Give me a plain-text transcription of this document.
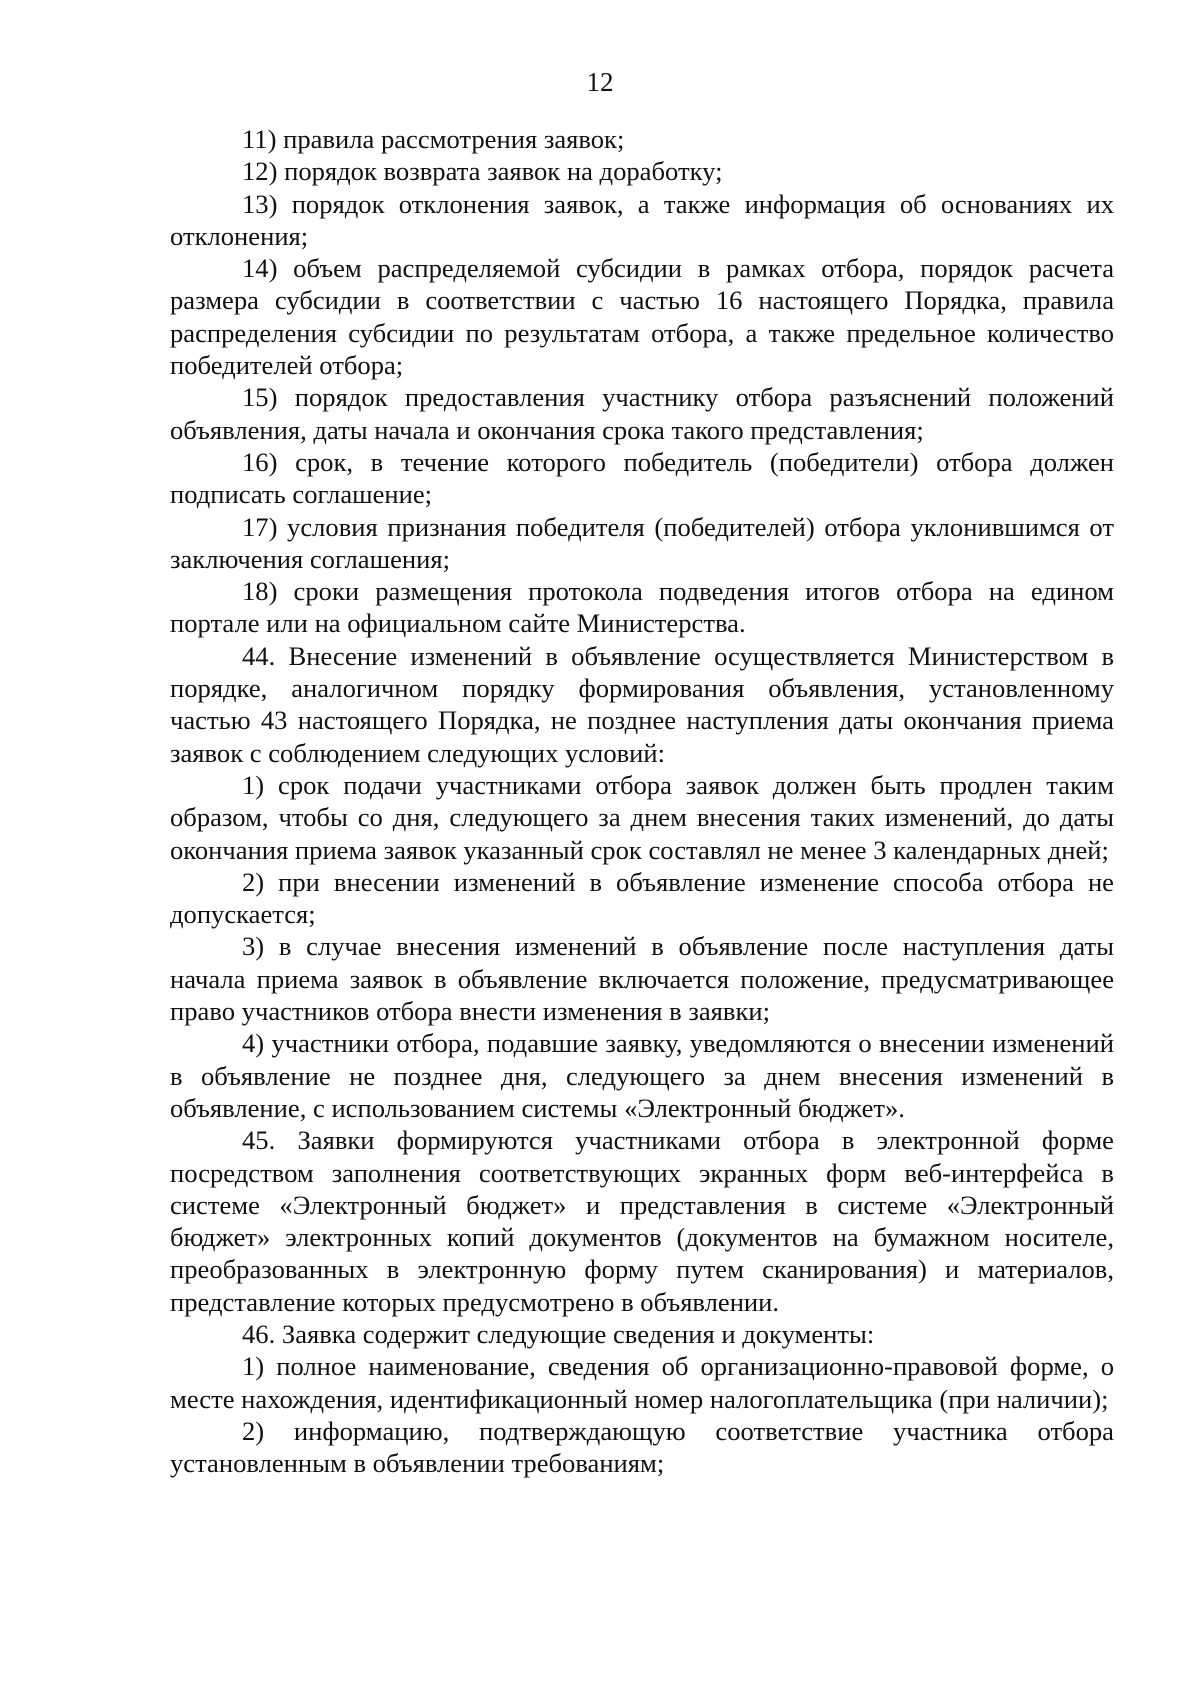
12

11) правила рассмотрения заявок;

12) порядок возврата заявок на доработку;

13) порядок отклонения заявок, а также информация об основаниях их отклонения;

14) объем распределяемой субсидии в рамках отбора, порядок расчета размера субсидии в соответствии с частью 16 настоящего Порядка, правила распределения субсидии по результатам отбора, а также предельное количество победителей отбора;

15) порядок предоставления участнику отбора разъяснений положений объявления, даты начала и окончания срока такого представления;

16) срок, в течение которого победитель (победители) отбора должен подписать соглашение;

17) условия признания победителя (победителей) отбора уклонившимся от заключения соглашения;

18) сроки размещения протокола подведения итогов отбора на едином портале или на официальном сайте Министерства.

44. Внесение изменений в объявление осуществляется Министерством в порядке, аналогичном порядку формирования объявления, установленному частью 43 настоящего Порядка, не позднее наступления даты окончания приема заявок с соблюдением следующих условий:

1) срок подачи участниками отбора заявок должен быть продлен таким образом, чтобы со дня, следующего за днем внесения таких изменений, до даты окончания приема заявок указанный срок составлял не менее 3 календарных дней;

2) при внесении изменений в объявление изменение способа отбора не допускается;

3) в случае внесения изменений в объявление после наступления даты начала приема заявок в объявление включается положение, предусматривающее право участников отбора внести изменения в заявки;

4) участники отбора, подавшие заявку, уведомляются о внесении изменений в объявление не позднее дня, следующего за днем внесения изменений в объявление, с использованием системы «Электронный бюджет».

45. Заявки формируются участниками отбора в электронной форме посредством заполнения соответствующих экранных форм веб-интерфейса в системе «Электронный бюджет» и представления в системе «Электронный бюджет» электронных копий документов (документов на бумажном носителе, преобразованных в электронную форму путем сканирования) и материалов, представление которых предусмотрено в объявлении.

46. Заявка содержит следующие сведения и документы:

1) полное наименование, сведения об организационно-правовой форме, о месте нахождения, идентификационный номер налогоплательщика (при наличии);

2) информацию, подтверждающую соответствие участника отбора установленным в объявлении требованиям;
